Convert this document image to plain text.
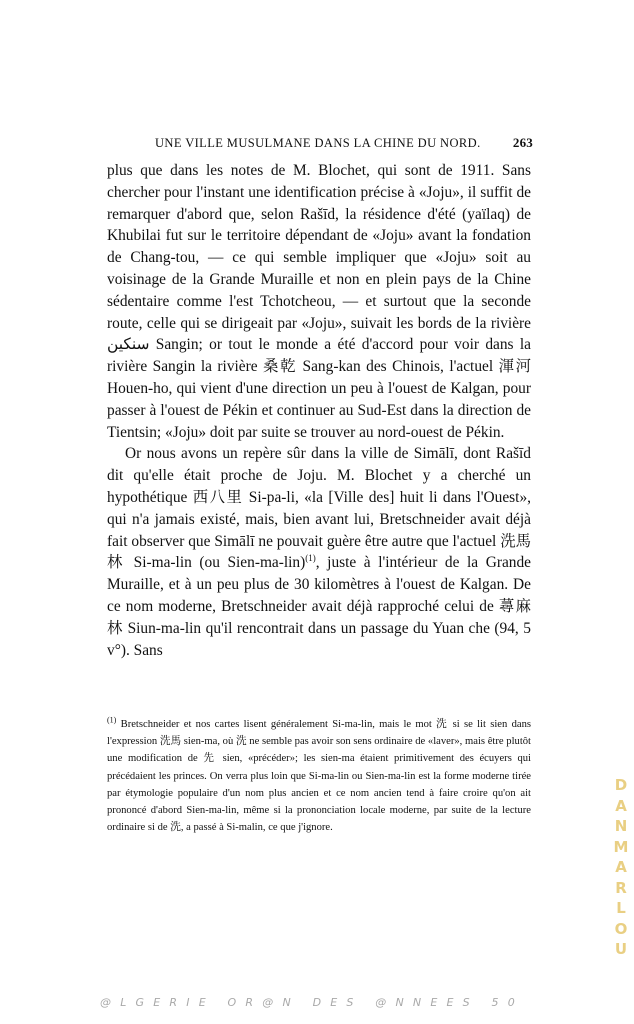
UNE VILLE MUSULMANE DANS LA CHINE DU NORD. 263

plus que dans les notes de M. Blochet, qui sont de 1911. Sans chercher pour l'instant une identification précise à «Joju», il suffit de remarquer d'abord que, selon Rašīd, la résidence d'été (yaïlaq) de Khubilai fut sur le territoire dépendant de «Joju» avant la fondation de Chang-tou, — ce qui semble impliquer que «Joju» soit au voisinage de la Grande Muraille et non en plein pays de la Chine sédentaire comme l'est Tchotcheou, — et surtout que la seconde route, celle qui se dirigeait par «Joju», suivait les bords de la rivière سنكين Sangin; or tout le monde a été d'accord pour voir dans la rivière Sangin la rivière 桑乾 Sang-kan des Chinois, l'actuel 渾河 Houen-ho, qui vient d'une direction un peu à l'ouest de Kalgan, pour passer à l'ouest de Pékin et continuer au Sud-Est dans la direction de Tientsin; «Joju» doit par suite se trouver au nord-ouest de Pékin.

Or nous avons un repère sûr dans la ville de Simālī, dont Rašīd dit qu'elle était proche de Joju. M. Blochet y a cherché un hypothétique 西八里 Si-pa-li, «la [Ville des] huit li dans l'Ouest», qui n'a jamais existé, mais, bien avant lui, Bretschneider avait déjà fait observer que Simālī ne pouvait guère être autre que l'actuel 洗馬林 Si-ma-lin (ou Sien-ma-lin)$^{(1)}$, juste à l'intérieur de la Grande Muraille, et à un peu plus de 30 kilomètres à l'ouest de Kalgan. De ce nom moderne, Bretschneider avait déjà rapproché celui de 蕁麻林 Siun-ma-lin qu'il rencontrait dans un passage du Yuan che (94, 5 v°). Sans

$^{(1)}$ Bretschneider et nos cartes lisent généralement Si-ma-lin, mais le mot 洗 si se lit sien dans l'expression 洗馬 sien-ma, où 洗 ne semble pas avoir son sens ordinaire de «laver», mais être plutôt une modification de 先 sien, «précéder»; les sien-ma étaient primitivement des écuyers qui précédaient les princes. On verra plus loin que Si-ma-lin ou Sien-ma-lin est la forme moderne tirée par étymologie populaire d'un nom plus ancien et ce nom ancien tend à faire croire qu'on ait prononcé d'abord Sien-ma-lin, même si la prononciation locale moderne, par suite de la lecture ordinaire si de 洗, a passé à Si-malin, ce que j'ignore.
D
A
N
M
A
R
L
O
U
@LGERIE OR@N DES @NNEES 50
